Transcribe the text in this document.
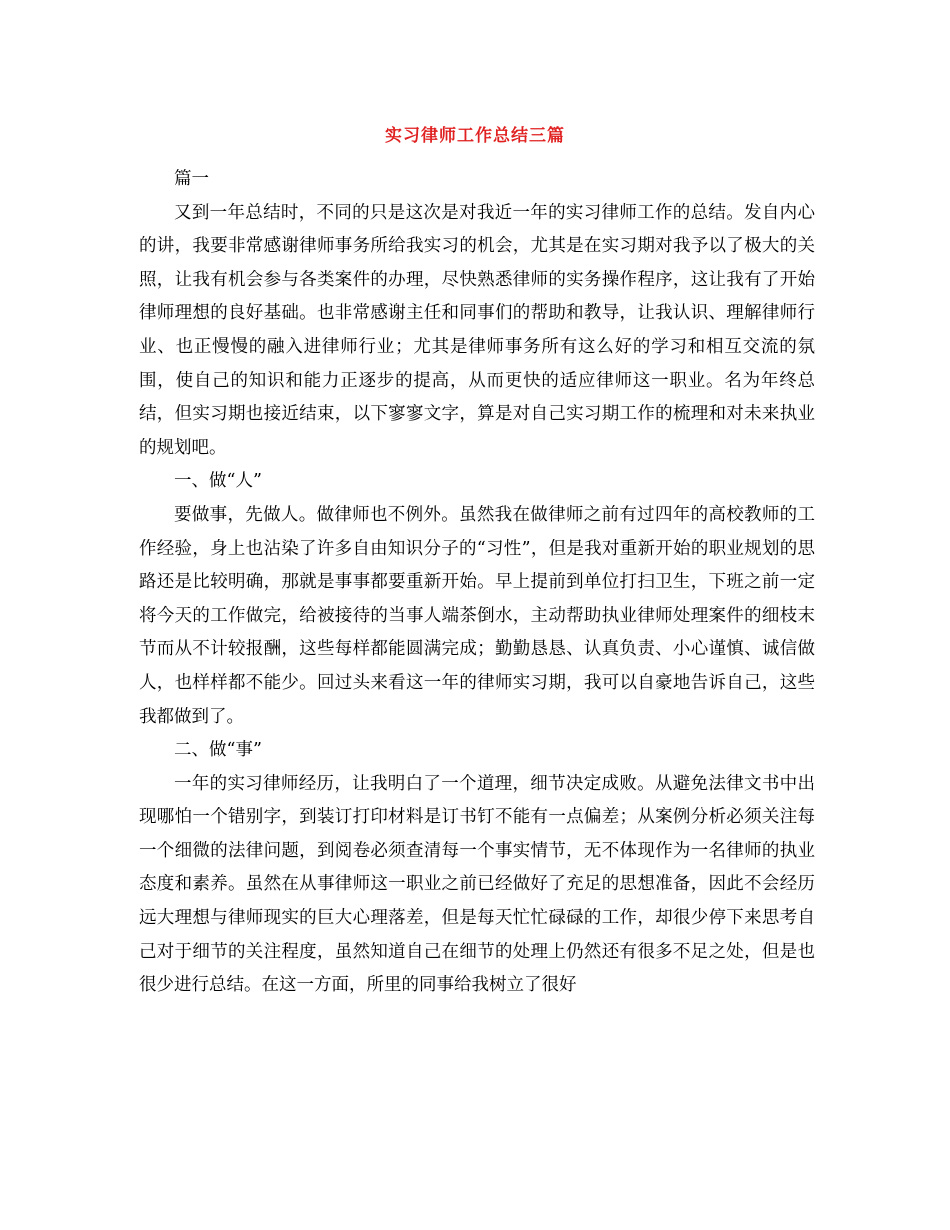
实习律师工作总结三篇

篇一

又到一年总结时，不同的只是这次是对我近一年的实习律师工作的总结。发自内心的讲，我要非常感谢律师事务所给我实习的机会，尤其是在实习期对我予以了极大的关照，让我有机会参与各类案件的办理，尽快熟悉律师的实务操作程序，这让我有了开始律师理想的良好基础。也非常感谢主任和同事们的帮助和教导，让我认识、理解律师行业、也正慢慢的融入进律师行业；尤其是律师事务所有这么好的学习和相互交流的氛围，使自己的知识和能力正逐步的提高，从而更快的适应律师这一职业。名为年终总结，但实习期也接近结束，以下寥寥文字，算是对自己实习期工作的梳理和对未来执业的规划吧。

一、做“人”

要做事，先做人。做律师也不例外。虽然我在做律师之前有过四年的高校教师的工作经验，身上也沾染了许多自由知识分子的“习性”，但是我对重新开始的职业规划的思路还是比较明确，那就是事事都要重新开始。早上提前到单位打扫卫生，下班之前一定将今天的工作做完，给被接待的当事人端茶倒水，主动帮助执业律师处理案件的细枝末节而从不计较报酬，这些每样都能圆满完成；勤勤恳恳、认真负责、小心谨慎、诚信做人，也样样都不能少。回过头来看这一年的律师实习期，我可以自豪地告诉自己，这些我都做到了。

二、做“事”

一年的实习律师经历，让我明白了一个道理，细节决定成败。从避免法律文书中出现哪怕一个错别字，到装订打印材料是订书钉不能有一点偏差；从案例分析必须关注每一个细微的法律问题，到阅卷必须查清每一个事实情节，无不体现作为一名律师的执业态度和素养。虽然在从事律师这一职业之前已经做好了充足的思想准备，因此不会经历远大理想与律师现实的巨大心理落差，但是每天忙忙碌碌的工作，却很少停下来思考自己对于细节的关注程度，虽然知道自己在细节的处理上仍然还有很多不足之处，但是也很少进行总结。在这一方面，所里的同事给我树立了很好
